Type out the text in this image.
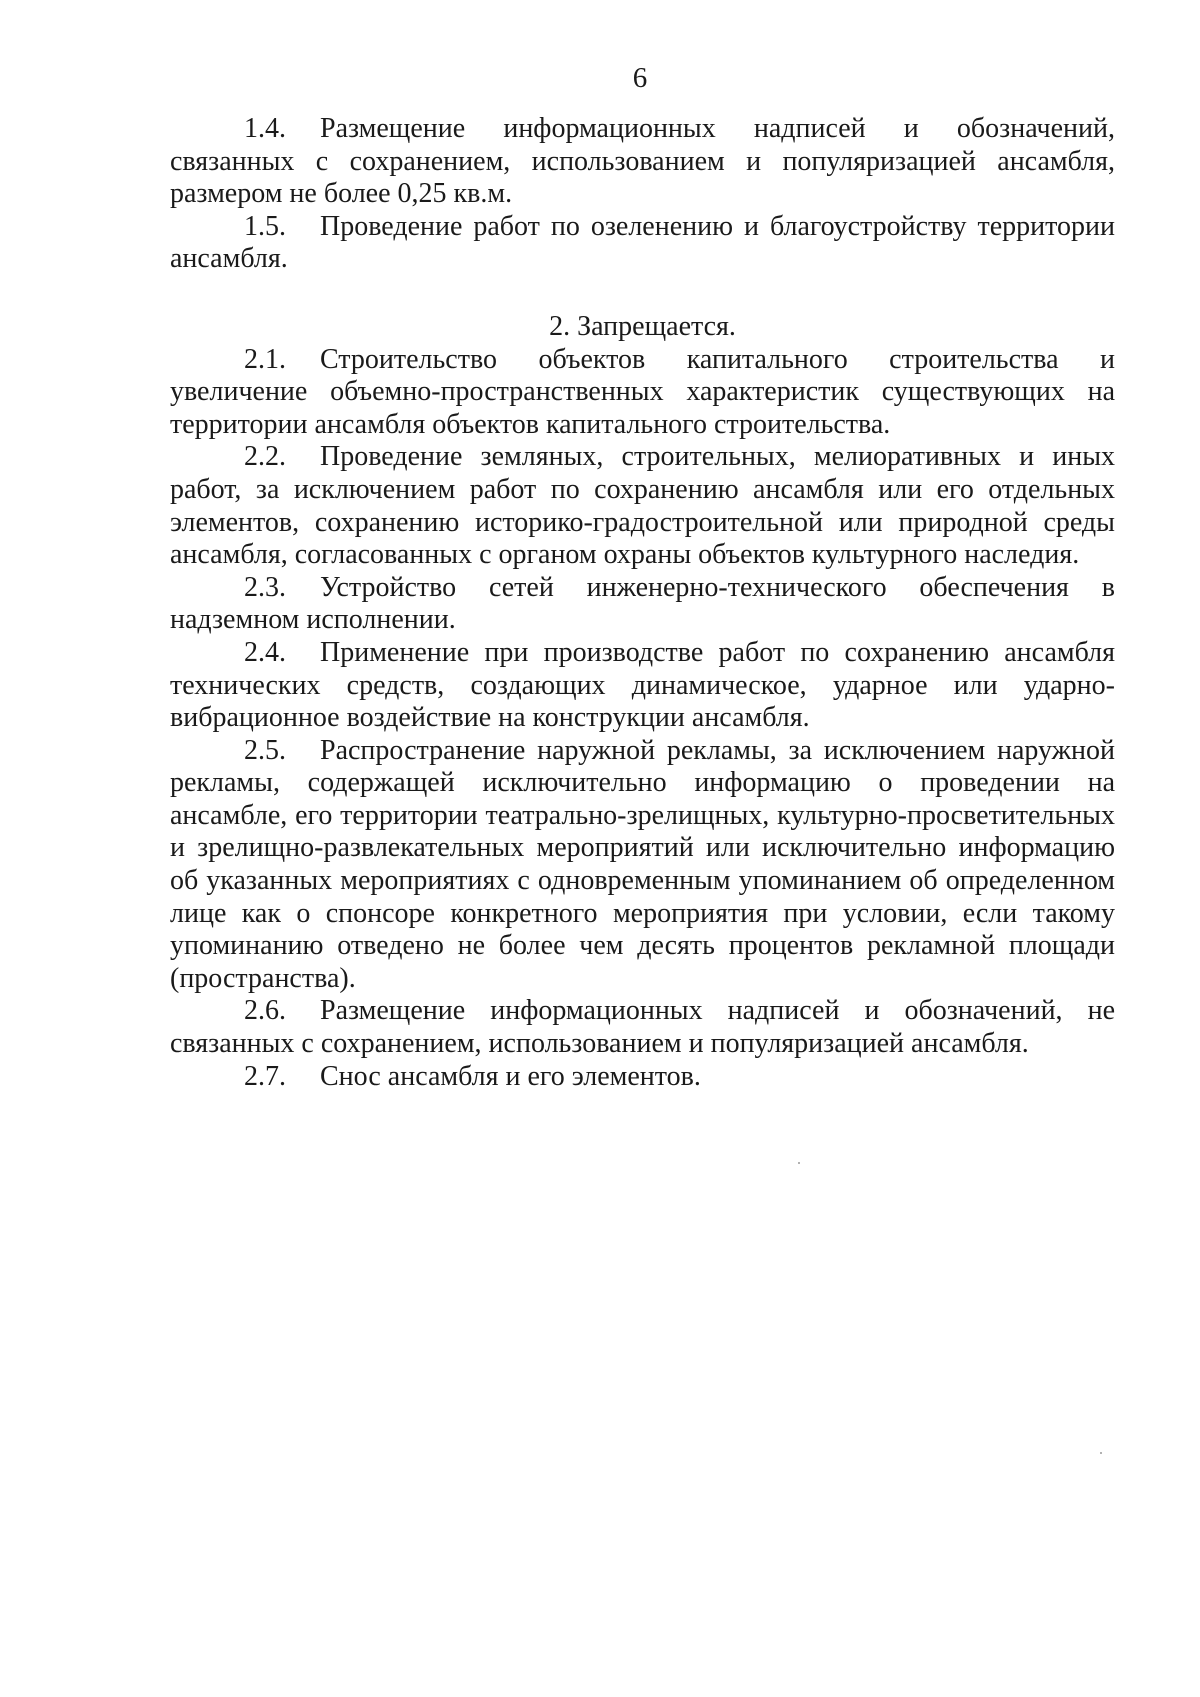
6

1.4. Размещение информационных надписей и обозначений, связанных с сохранением, использованием и популяризацией ансамбля, размером не более 0,25 кв.м.

1.5. Проведение работ по озеленению и благоустройству территории ансамбля.

2. Запрещается.

2.1. Строительство объектов капитального строительства и увеличение объемно-пространственных характеристик существующих на территории ансамбля объектов капитального строительства.

2.2. Проведение земляных, строительных, мелиоративных и иных работ, за исключением работ по сохранению ансамбля или его отдельных элементов, сохранению историко-градостроительной или природной среды ансамбля, согласованных с органом охраны объектов культурного наследия.

2.3. Устройство сетей инженерно-технического обеспечения в надземном исполнении.

2.4. Применение при производстве работ по сохранению ансамбля технических средств, создающих динамическое, ударное или ударно-вибрационное воздействие на конструкции ансамбля.

2.5. Распространение наружной рекламы, за исключением наружной рекламы, содержащей исключительно информацию о проведении на ансамбле, его территории театрально-зрелищных, культурно-просветительных и зрелищно-развлекательных мероприятий или исключительно информацию об указанных мероприятиях с одновременным упоминанием об определенном лице как о спонсоре конкретного мероприятия при условии, если такому упоминанию отведено не более чем десять процентов рекламной площади (пространства).

2.6. Размещение информационных надписей и обозначений, не связанных с сохранением, использованием и популяризацией ансамбля.

2.7. Снос ансамбля и его элементов.
